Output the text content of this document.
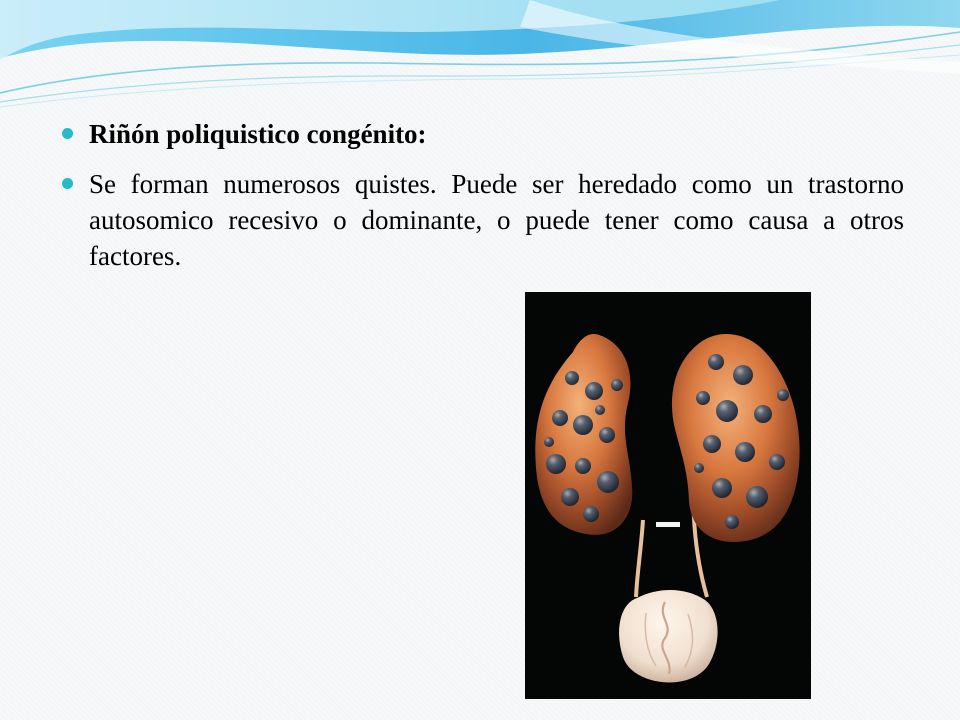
Riñón poliquistico congénito:
Se forman numerosos quistes. Puede ser heredado como un trastorno autosomico recesivo o dominante, o puede tener como causa a otros factores.
